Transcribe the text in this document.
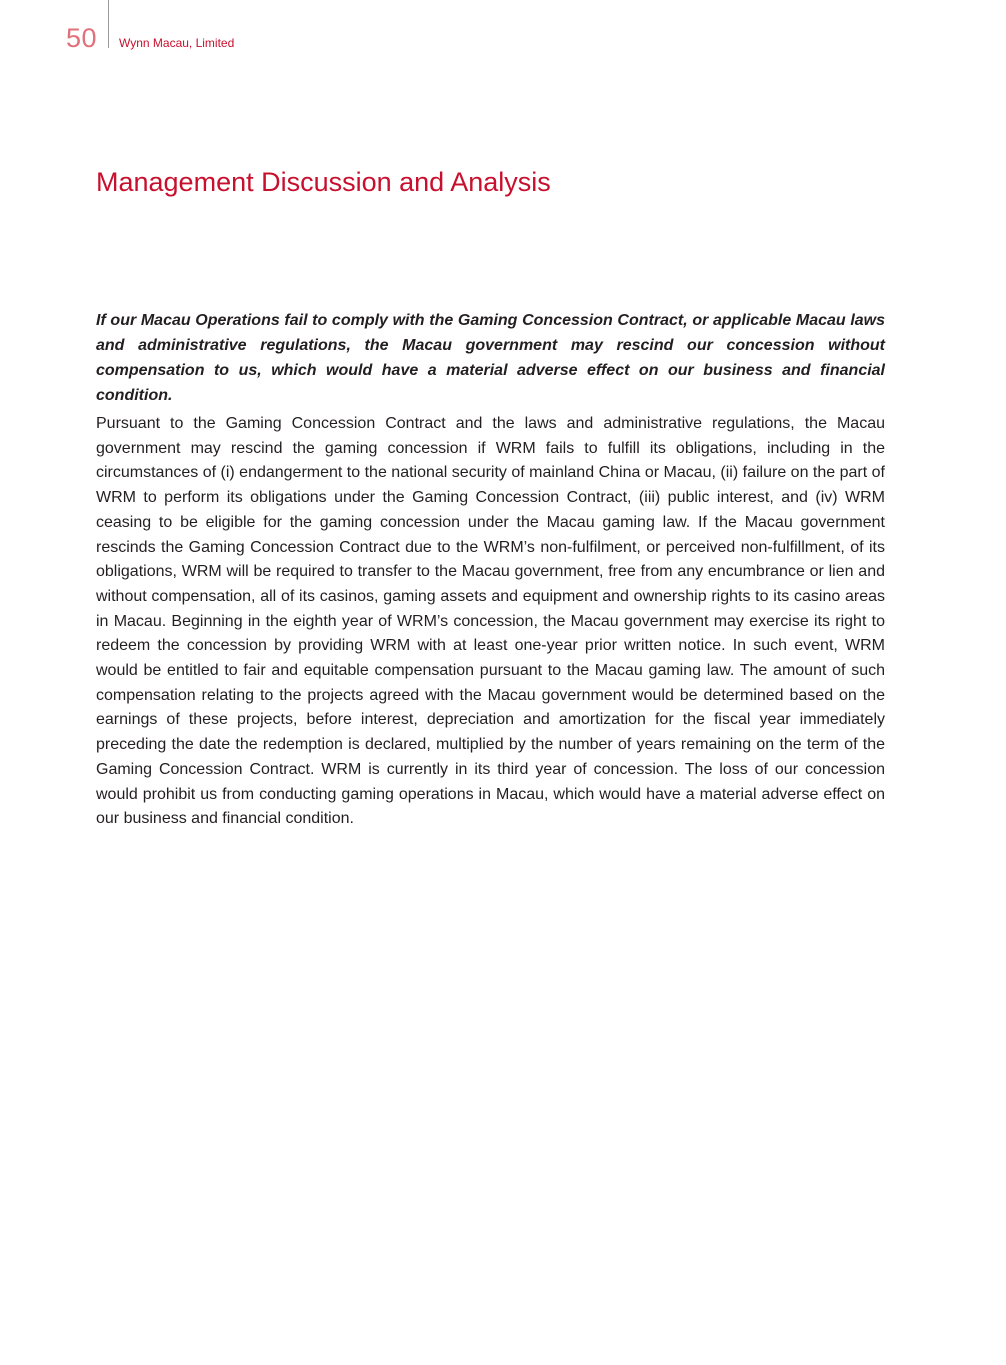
50 Wynn Macau, Limited
Management Discussion and Analysis

If our Macau Operations fail to comply with the Gaming Concession Contract, or applicable Macau laws and administrative regulations, the Macau government may rescind our concession without compensation to us, which would have a material adverse effect on our business and financial condition.

Pursuant to the Gaming Concession Contract and the laws and administrative regulations, the Macau government may rescind the gaming concession if WRM fails to fulfill its obligations, including in the circumstances of (i) endangerment to the national security of mainland China or Macau, (ii) failure on the part of WRM to perform its obligations under the Gaming Concession Contract, (iii) public interest, and (iv) WRM ceasing to be eligible for the gaming concession under the Macau gaming law. If the Macau government rescinds the Gaming Concession Contract due to the WRM’s non-fulfilment, or perceived non-fulfillment, of its obligations, WRM will be required to transfer to the Macau government, free from any encumbrance or lien and without compensation, all of its casinos, gaming assets and equipment and ownership rights to its casino areas in Macau. Beginning in the eighth year of WRM’s concession, the Macau government may exercise its right to redeem the concession by providing WRM with at least one-year prior written notice. In such event, WRM would be entitled to fair and equitable compensation pursuant to the Macau gaming law. The amount of such compensation relating to the projects agreed with the Macau government would be determined based on the earnings of these projects, before interest, depreciation and amortization for the fiscal year immediately preceding the date the redemption is declared, multiplied by the number of years remaining on the term of the Gaming Concession Contract. WRM is currently in its third year of concession. The loss of our concession would prohibit us from conducting gaming operations in Macau, which would have a material adverse effect on our business and financial condition.
